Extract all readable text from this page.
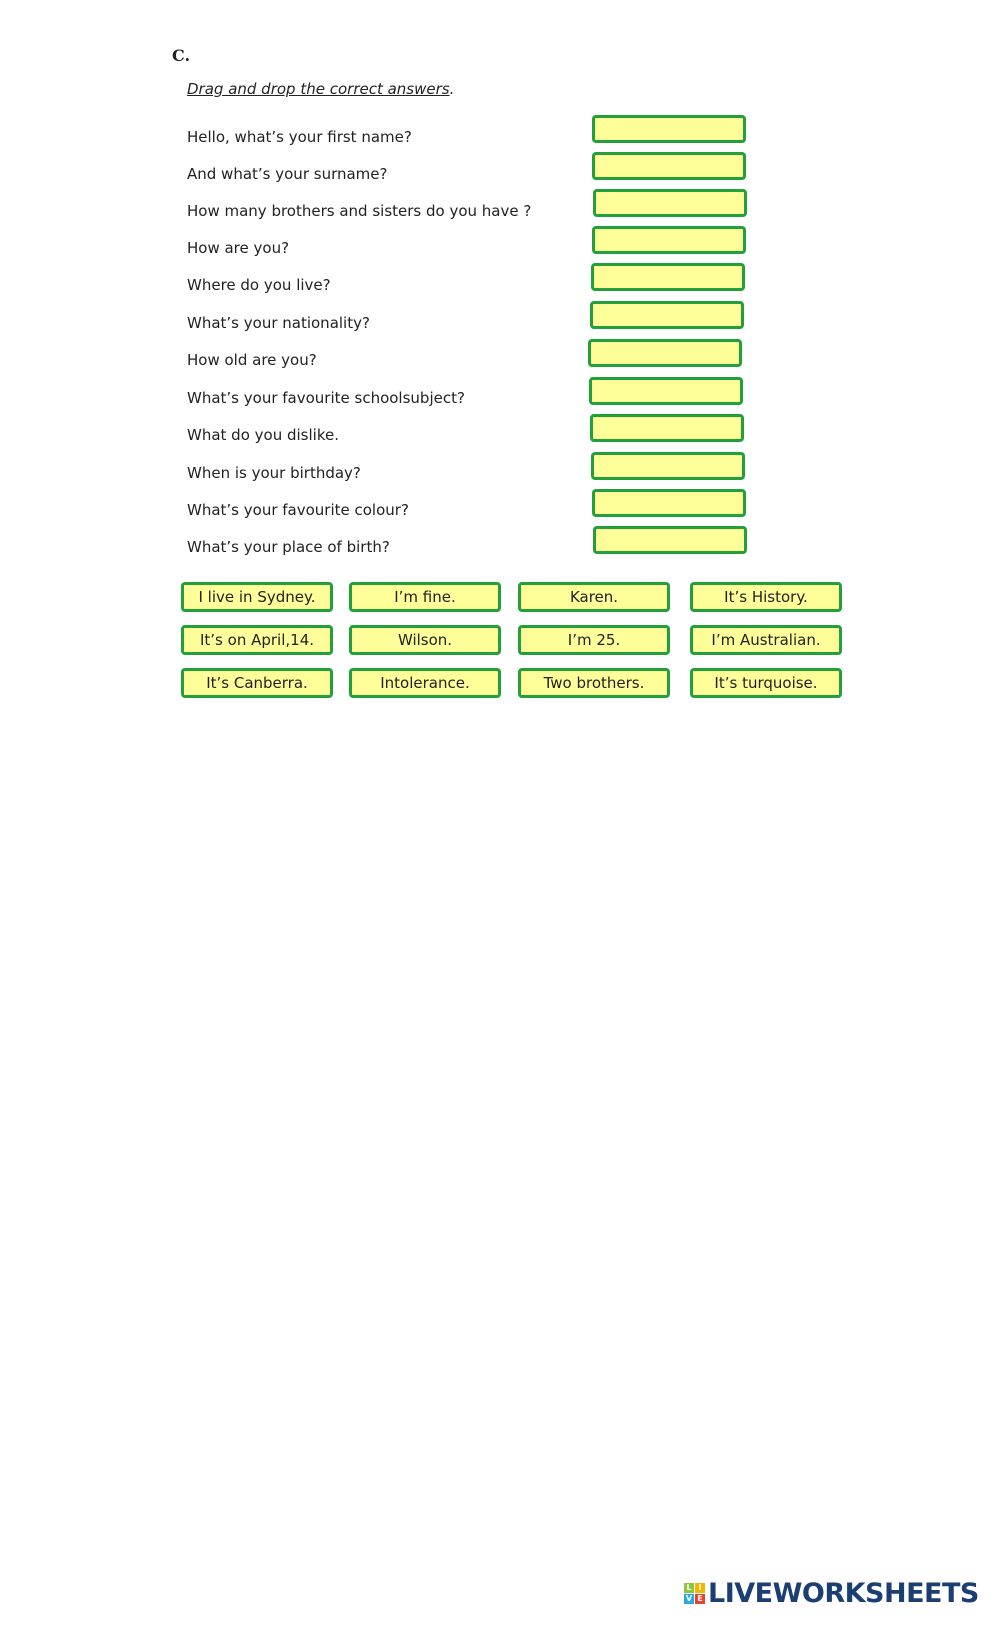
C.
Drag and drop the correct answers.
Hello, what’s your first name?
And what’s your surname?
How many brothers and sisters do you have ?
How are you?
Where do you live?
What’s your nationality?
How old are you?
What’s your favourite schoolsubject?
What do you dislike.
When is your birthday?
What’s your favourite colour?
What’s your place of birth?
I live in Sydney.	I’m fine.	Karen.	It’s History.
It’s on April,14.	Wilson.	I’m 25.	I’m Australian.
It’s Canberra.	Intolerance.	Two brothers.	It’s turquoise.
L I
V E LIVEWORKSHEETS
